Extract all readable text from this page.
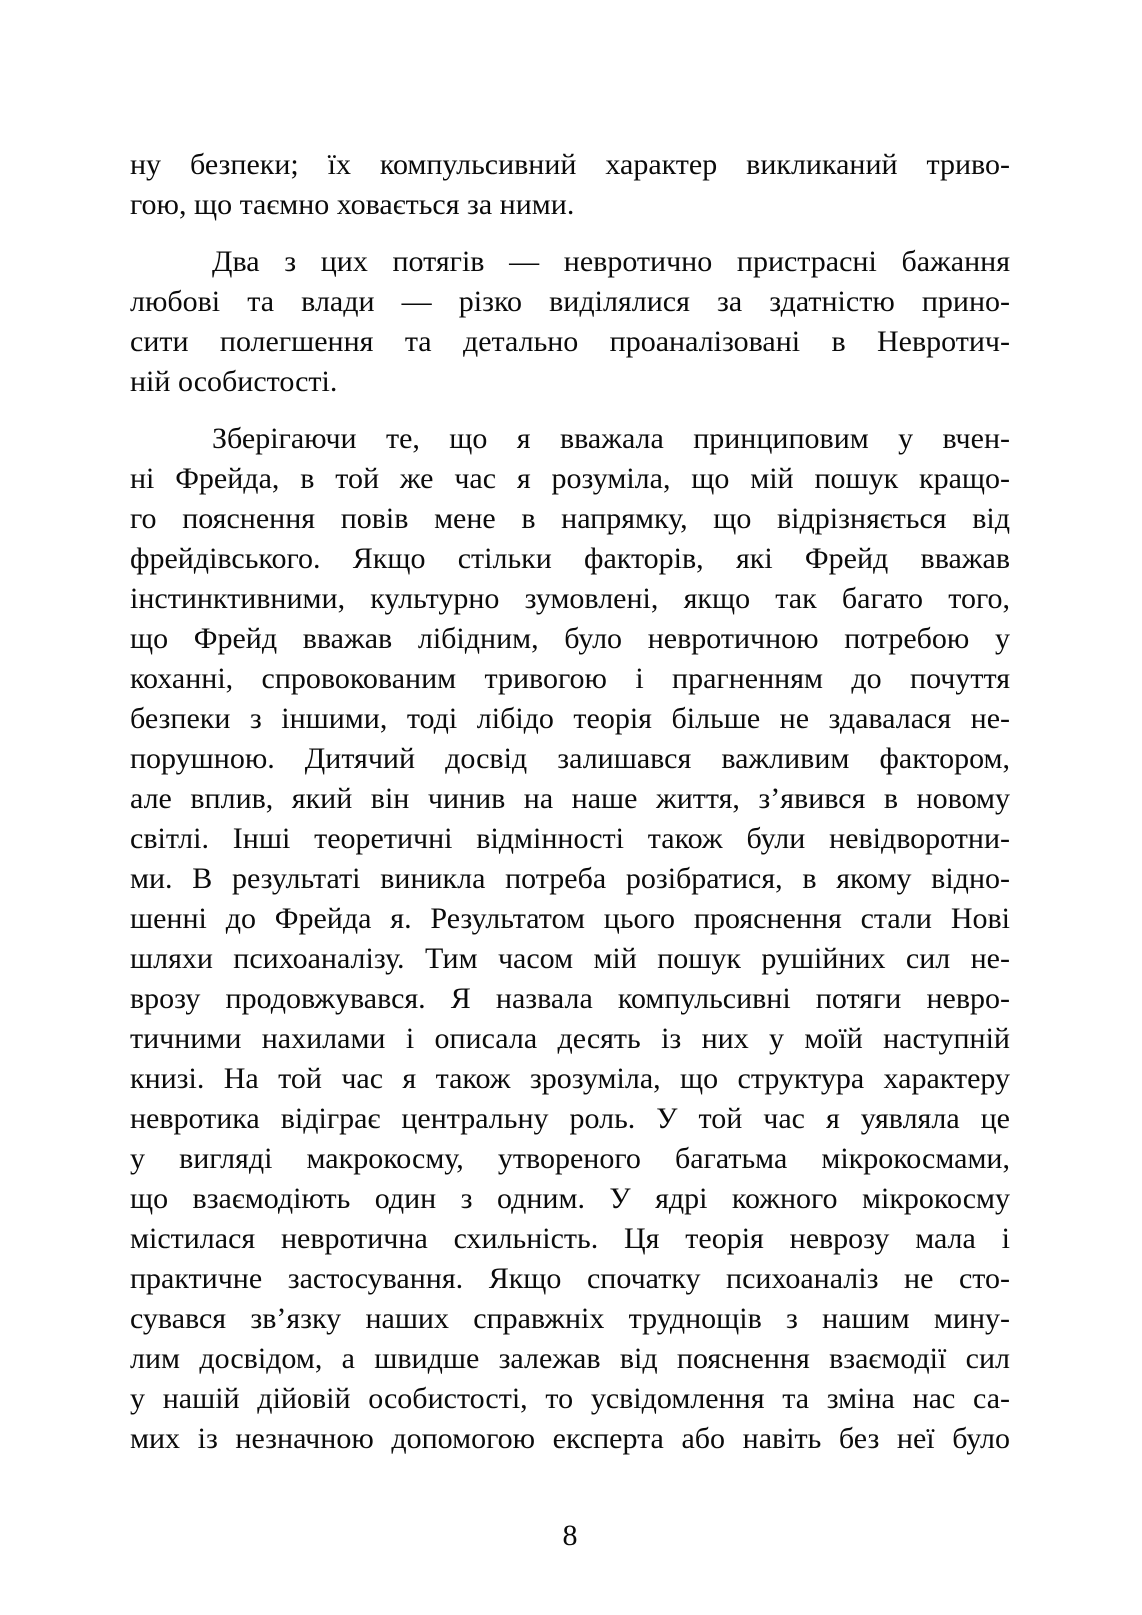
ну безпеки; їх компульсивний характер викликаний триво-
гою, що таємно ховається за ними.
Два з цих потягів — невротично пристрасні бажання
любові та влади — різко виділялися за здатністю прино-
сити полегшення та детально проаналізовані в Невротич-
ній особистості.
Зберігаючи те, що я вважала принциповим у вчен-
ні Фрейда, в той же час я розуміла, що мій пошук кращо-
го пояснення повів мене в напрямку, що відрізняється від
фрейдівського. Якщо стільки факторів, які Фрейд вважав
інстинктивними, культурно зумовлені, якщо так багато того,
що Фрейд вважав лібідним, було невротичною потребою у
коханні, спровокованим тривогою і прагненням до почуття
безпеки з іншими, тоді лібідо теорія більше не здавалася не-
порушною. Дитячий досвід залишався важливим фактором,
але вплив, який він чинив на наше життя, з’явився в новому
світлі. Інші теоретичні відмінності також були невідворотни-
ми. В результаті виникла потреба розібратися, в якому відно-
шенні до Фрейда я. Результатом цього прояснення стали Нові
шляхи психоаналізу. Тим часом мій пошук рушійних сил не-
врозу продовжувався. Я назвала компульсивні потяги невро-
тичними нахилами і описала десять із них у моїй наступній
книзі. На той час я також зрозуміла, що структура характеру
невротика відіграє центральну роль. У той час я уявляла це
у вигляді макрокосму, утвореного багатьма мікрокосмами,
що взаємодіють один з одним. У ядрі кожного мікрокосму
містилася невротична схильність. Ця теорія неврозу мала і
практичне застосування. Якщо спочатку психоаналіз не сто-
сувався зв’язку наших справжніх труднощів з нашим мину-
лим досвідом, а швидше залежав від пояснення взаємодії сил
у нашій дійовій особистості, то усвідомлення та зміна нас са-
мих із незначною допомогою експерта або навіть без неї було
8
